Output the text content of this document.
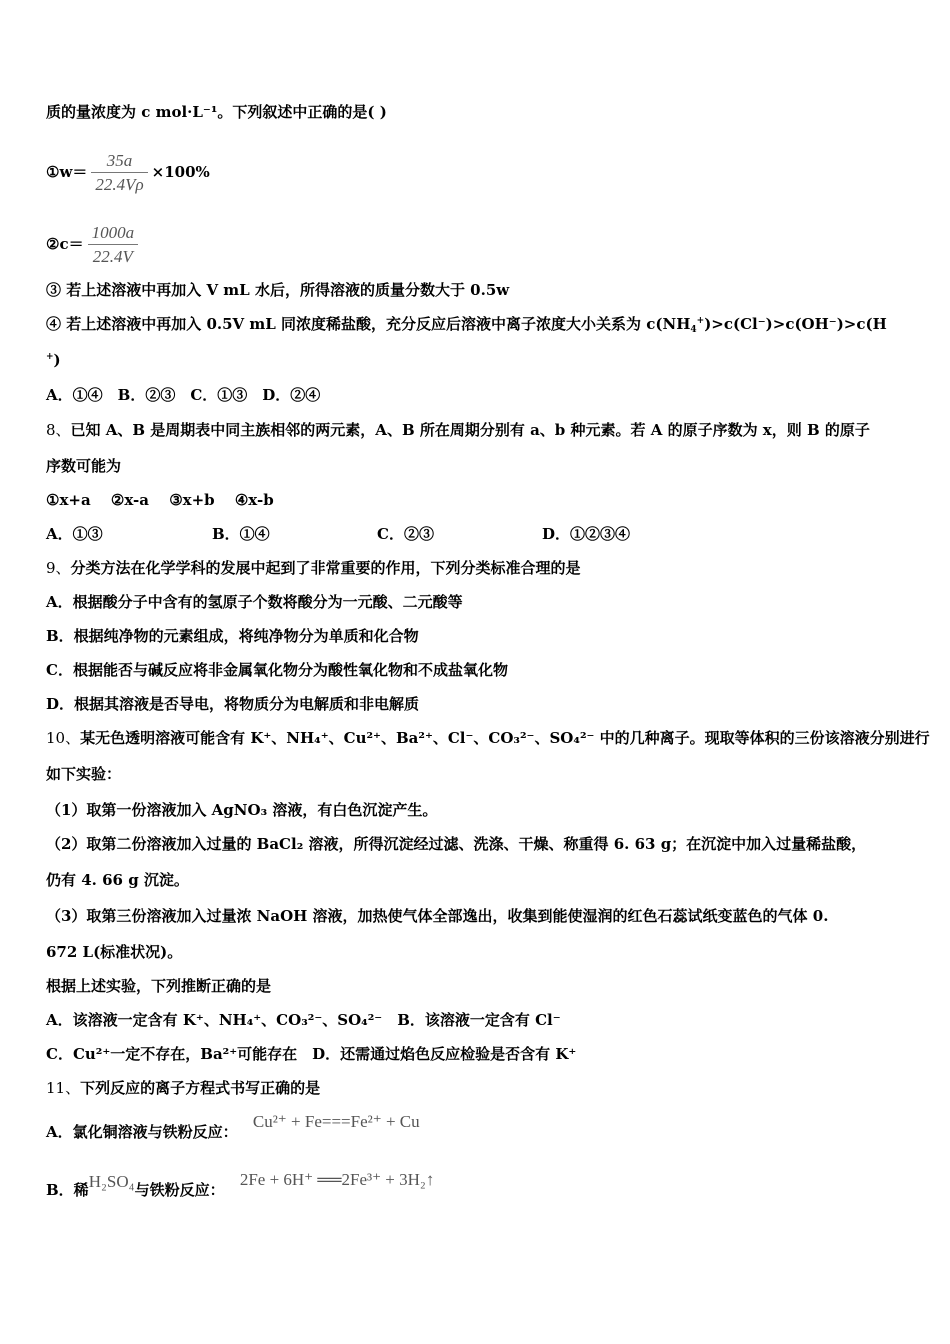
质的量浓度为 c mol·L⁻¹。下列叙述中正确的是( )
①w＝ $\frac{35a}{22.4V\rho} \times 100\%$
②c＝ $\frac{1000a}{22.4V}$
③ 若上述溶液中再加入 V mL 水后，所得溶液的质量分数大于 0.5w
④ 若上述溶液中再加入 0.5V mL 同浓度稀盐酸，充分反应后溶液中离子浓度大小关系为 $c(NH_4^+)>c(Cl^-)>c(OH^-)>c(H$
+)
A．①④　B．②③　C．①③　D．②④
8、已知 A、B 是周期表中同主族相邻的两元素，A、B 所在周期分别有 a、b 种元素。若 A 的原子序数为 x，则 B 的原子
序数可能为
①x+a　 ②x-a　 ③x+b　 ④x-b
A．①③	B．①④	C．②③	D．①②③④
9、分类方法在化学学科的发展中起到了非常重要的作用，下列分类标准合理的是
A．根据酸分子中含有的氢原子个数将酸分为一元酸、二元酸等
B．根据纯净物的元素组成，将纯净物分为单质和化合物
C．根据能否与碱反应将非金属氧化物分为酸性氧化物和不成盐氧化物
D．根据其溶液是否导电，将物质分为电解质和非电解质
10、某无色透明溶液可能含有 K⁺、NH₄⁺、Cu²⁺、Ba²⁺、Cl⁻、CO₃²⁻、SO₄²⁻ 中的几种离子。现取等体积的三份该溶液分别进行
如下实验：
（1）取第一份溶液加入 AgNO₃ 溶液，有白色沉淀产生。
（2）取第二份溶液加入过量的 BaCl₂ 溶液，所得沉淀经过滤、洗涤、干燥、称重得 6. 63 g；在沉淀中加入过量稀盐酸，
仍有 4. 66 g 沉淀。
（3）取第三份溶液加入过量浓 NaOH 溶液，加热使气体全部逸出，收集到能使湿润的红色石蕊试纸变蓝色的气体 0.
672 L(标准状况)。
根据上述实验，下列推断正确的是
A．该溶液一定含有 K⁺、NH₄⁺、CO₃²⁻、SO₄²⁻　B．该溶液一定含有 Cl⁻
C．Cu²⁺一定不存在，Ba²⁺可能存在　D．还需通过焰色反应检验是否含有 K⁺
11、下列反应的离子方程式书写正确的是
A．氯化铜溶液与铁粉反应： Cu²⁺ + Fe===Fe²⁺ + Cu
B．稀H₂SO₄与铁粉反应： 2Fe + 6H⁺ ══2Fe³⁺ + 3H₂↑
